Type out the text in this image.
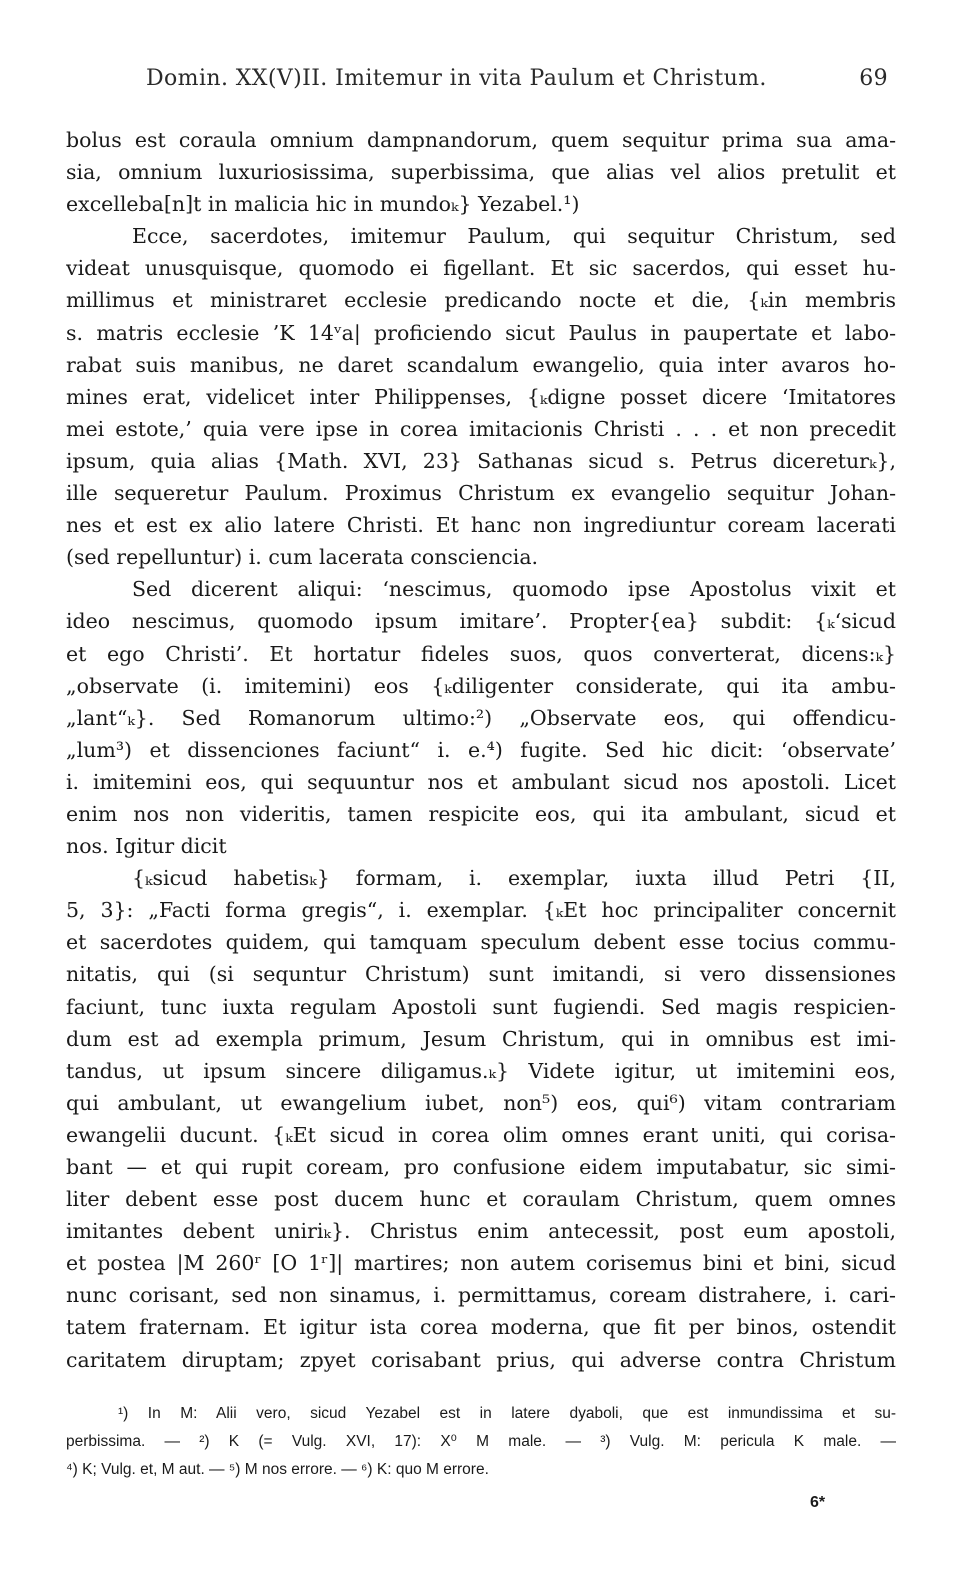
Domin. XX(V)II. Imitemur in vita Paulum et Christum.	69
bolus est coraula omnium dampnandorum, quem sequitur prima sua ama-
sia, omnium luxuriosissima, superbissima, que alias vel alios pretulit et
excelleba[n]t in malicia hic in mundoₖ} Yezabel.¹)
Ecce, sacerdotes, imitemur Paulum, qui sequitur Christum, sed
videat unusquisque, quomodo ei figellant. Et sic sacerdos, qui esset hu-
millimus et ministraret ecclesie predicando nocte et die, {ₖin membris
s. matris ecclesie ’K 14ᵛa| proficiendo sicut Paulus in paupertate et labo-
rabat suis manibus, ne daret scandalum ewangelio, quia inter avaros ho-
mines erat, videlicet inter Philippenses, {ₖdigne posset dicere ‘Imitatores
mei estote,’ quia vere ipse in corea imitacionis Christi . . . et non precedit
ipsum, quia alias {Math. XVI, 23} Sathanas sicud s. Petrus dicereturₖ},
ille sequeretur Paulum. Proximus Christum ex evangelio sequitur Johan-
nes et est ex alio latere Christi. Et hanc non ingrediuntur coream lacerati
(sed repelluntur) i. cum lacerata consciencia.
Sed dicerent aliqui: ‘nescimus, quomodo ipse Apostolus vixit et
ideo nescimus, quomodo ipsum imitare’. Propter{ea} subdit: {ₖ‘sicud
et ego Christi’. Et hortatur fideles suos, quos converterat, dicens:ₖ}
„observate (i. imitemini) eos {ₖdiligenter considerate, qui ita ambu-
„lant“ₖ}. Sed Romanorum ultimo:²) „Observate eos, qui offendicu-
„lum³) et dissenciones faciunt“ i. e.⁴) fugite. Sed hic dicit: ‘observate’
i. imitemini eos, qui sequuntur nos et ambulant sicud nos apostoli. Licet
enim nos non videritis, tamen respicite eos, qui ita ambulant, sicud et
nos. Igitur dicit
{ₖsicud habetisₖ} formam, i. exemplar, iuxta illud Petri {II,
5, 3}: „Facti forma gregis“, i. exemplar. {ₖEt hoc principaliter concernit
et sacerdotes quidem, qui tamquam speculum debent esse tocius commu-
nitatis, qui (si sequntur Christum) sunt imitandi, si vero dissensiones
faciunt, tunc iuxta regulam Apostoli sunt fugiendi. Sed magis respicien-
dum est ad exempla primum, Jesum Christum, qui in omnibus est imi-
tandus, ut ipsum sincere diligamus.ₖ} Videte igitur, ut imitemini eos,
qui ambulant, ut ewangelium iubet, non⁵) eos, qui⁶) vitam contrariam
ewangelii ducunt. {ₖEt sicud in corea olim omnes erant uniti, qui corisa-
bant — et qui rupit coream, pro confusione eidem imputabatur, sic simi-
liter debent esse post ducem hunc et coraulam Christum, quem omnes
imitantes debent uniriₖ}. Christus enim antecessit, post eum apostoli,
et postea |M 260ʳ [O 1ʳ]| martires; non autem corisemus bini et bini, sicud
nunc corisant, sed non sinamus, i. permittamus, coream distrahere, i. cari-
tatem fraternam. Et igitur ista corea moderna, que fit per binos, ostendit
caritatem diruptam; zpyet corisabant prius, qui adverse contra Christum
¹) In M: Alii vero, sicud Yezabel est in latere dyaboli, que est inmundissima et su-
perbissima. — ²) K (= Vulg. XVI, 17): X⁰ M male. — ³) Vulg. M: pericula K male. —
⁴) K; Vulg. et, M aut. — ⁵) M nos errore. — ⁶) K: quo M errore.
6*
